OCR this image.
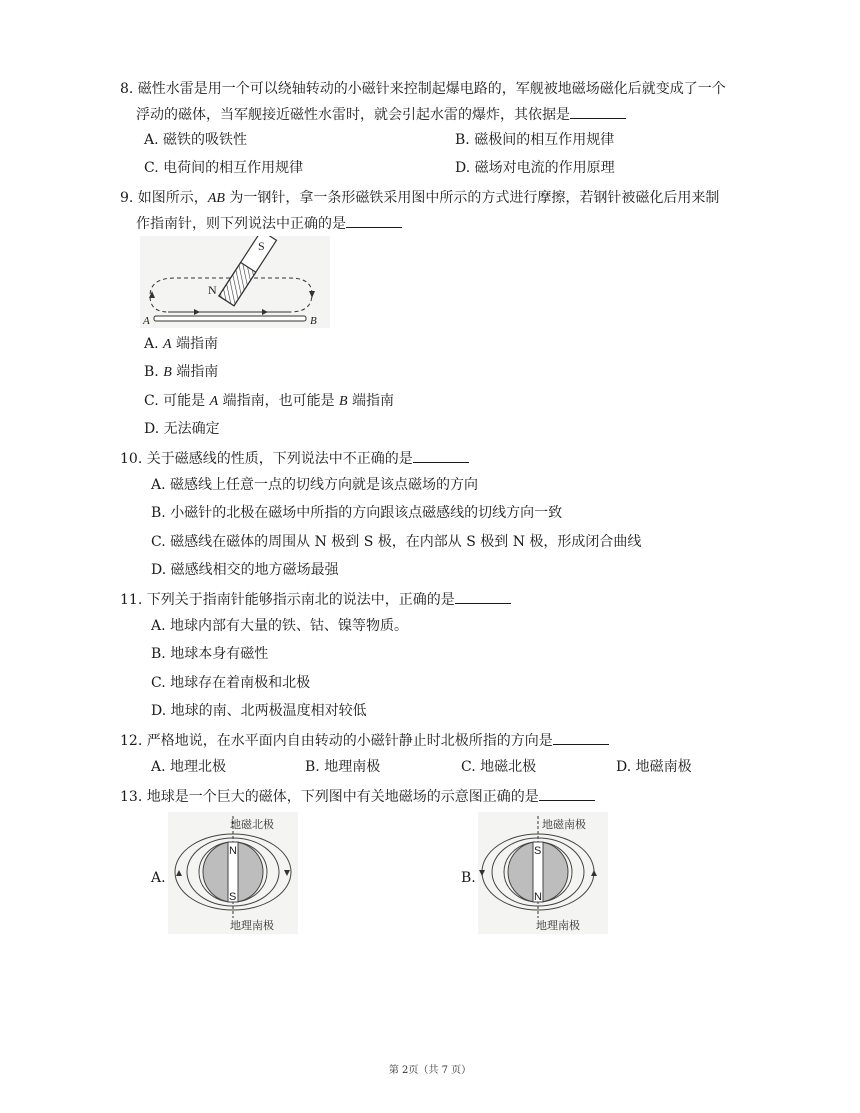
8. 磁性水雷是用一个可以绕轴转动的小磁针来控制起爆电路的，军舰被地磁场磁化后就变成了一个
浮动的磁体，当军舰接近磁性水雷时，就会引起水雷的爆炸，其依据是
A. 磁铁的吸铁性	B. 磁极间的相互作用规律
C. 电荷间的相互作用规律	D. 磁场对电流的作用原理
9. 如图所示，AB 为一钢针，拿一条形磁铁采用图中所示的方式进行摩擦，若钢针被磁化后用来制
作指南针，则下列说法中正确的是
S
N
A	B
A. A 端指南
B. B 端指南
C. 可能是 A 端指南，也可能是 B 端指南
D. 无法确定
10. 关于磁感线的性质，下列说法中不正确的是
A. 磁感线上任意一点的切线方向就是该点磁场的方向
B. 小磁针的北极在磁场中所指的方向跟该点磁感线的切线方向一致
C. 磁感线在磁体的周围从 N 极到 S 极，在内部从 S 极到 N 极，形成闭合曲线
D. 磁感线相交的地方磁场最强
11. 下列关于指南针能够指示南北的说法中，正确的是
A. 地球内部有大量的铁、钴、镍等物质。
B. 地球本身有磁性
C. 地球存在着南极和北极
D. 地球的南、北两极温度相对较低
12. 严格地说，在水平面内自由转动的小磁针静止时北极所指的方向是
A. 地理北极	B. 地理南极	C. 地磁北极	D. 地磁南极
13. 地球是一个巨大的磁体，下列图中有关地磁场的示意图正确的是
A.
地磁北极
地理南极
N
S
B.
地磁南极
地理南极
S
N
第 2页（共 7 页）
